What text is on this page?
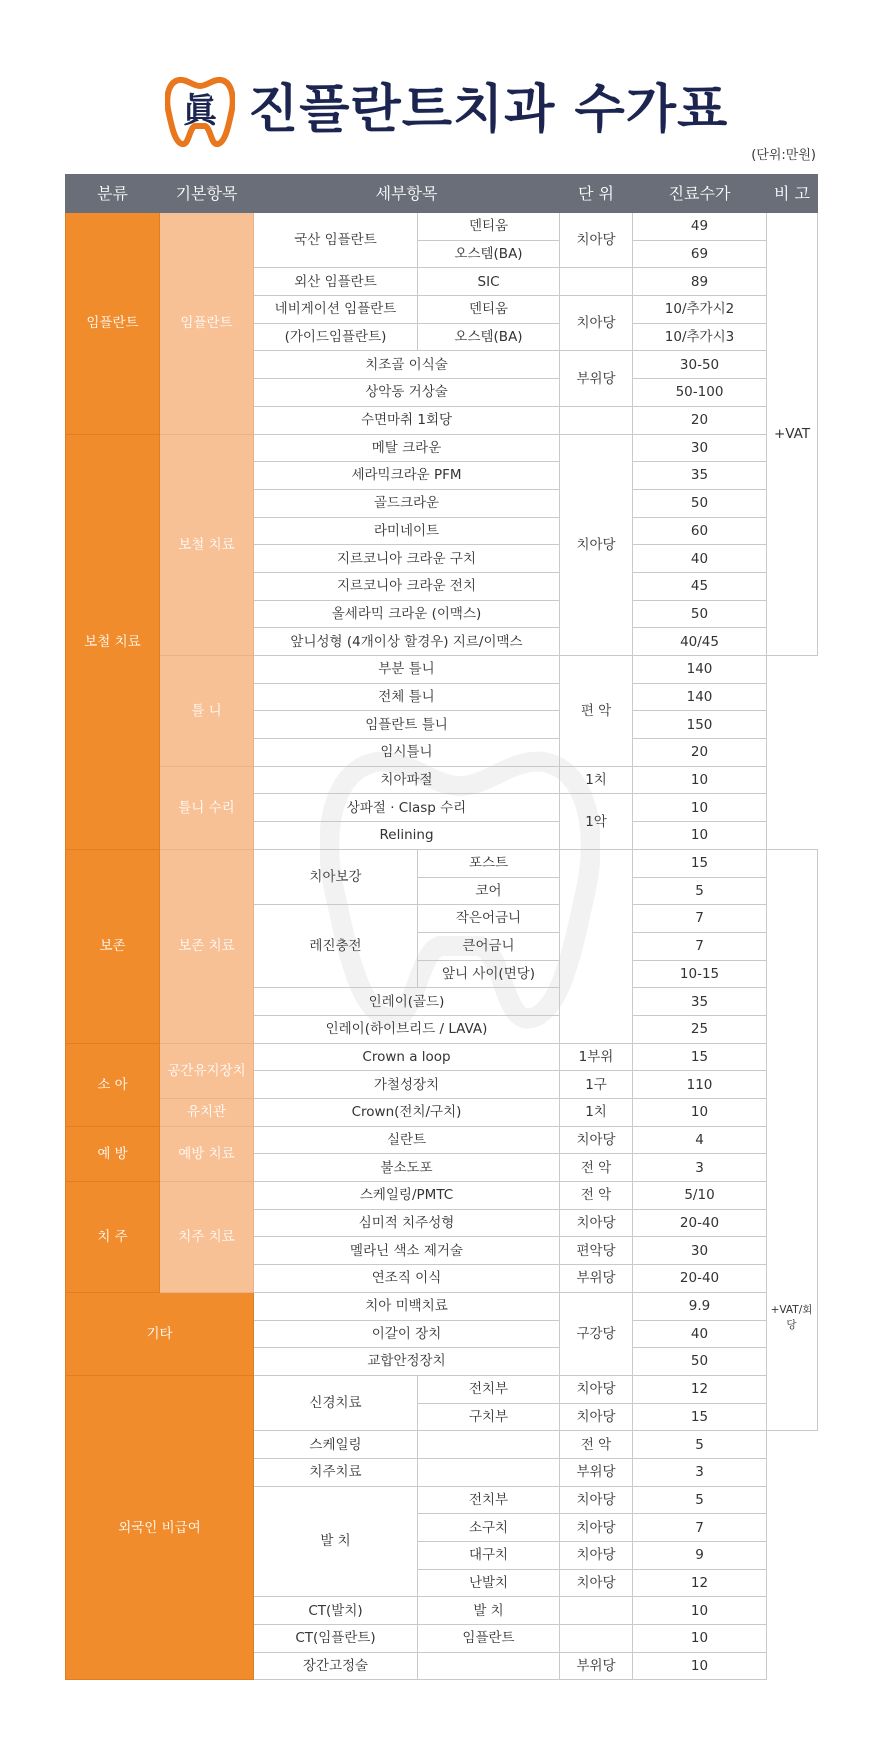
眞 진플란트치과 수가표
(단위:만원)
분류	기본항목	세부항목		단 위	진료수가	비 고
임플란트	임플란트	국산 임플란트	덴티움	치아당	49	+VAT
			오스템(BA)		69	
		외산 임플란트	SIC		89	
		네비게이션 임플란트	덴티움	치아당	10/추가시2	
		(가이드임플란트)	오스템(BA)		10/추가시3	
		치조골 이식술		부위당	30-50	
		상악동 거상술			50-100	
		수면마취 1회당			20	
보철 치료	보철 치료	메탈 크라운		치아당	30	
		세라믹크라운 PFM			35	
		골드크라운			50	
		라미네이트			60	
		지르코니아 크라운 구치			40	
		지르코니아 크라운 전치			45	
		올세라믹 크라운 (이맥스)			50	
		앞니성형 (4개이상 할경우) 지르/이맥스			40/45	
	틀 니	부분 틀니		편 악	140	
		전체 틀니			140	
		임플란트 틀니			150	
		임시틀니			20	
	틀니 수리	치아파절		1치	10	
		상파절 · Clasp 수리		1악	10	
		Relining			10	
보존	보존 치료	치아보강	포스트		15	
			코어		5	
		레진충전	작은어금니		7	
			큰어금니		7	
			앞니 사이(면당)		10-15	
		인레이(골드)			35	
		인레이(하이브리드 / LAVA)			25	
소 아	공간유지장치	Crown a loop		1부위	15	
		가철성장치		1구	110	
	유치관	Crown(전치/구치)		1치	10	
예 방	예방 치료	실란트		치아당	4	
		불소도포		전 악	3	
치 주	치주 치료	스케일링/PMTC		전 악	5/10	
		심미적 치주성형		치아당	20-40	
		멜라닌 색소 제거술		편악당	30	
		연조직 이식		부위당	20-40	
기타		치아 미백치료		구강당	9.9	
		이갈이 장치			40	
		교합안정장치			50	
외국인 비급여		신경치료	전치부	치아당	12	
			구치부	치아당	15	
		스케일링		전 악	5	
		치주치료		부위당	3	
		발 치	전치부	치아당	5	
			소구치	치아당	7	
			대구치	치아당	9	
			난발치	치아당	12	
		CT(발치)	발 치		10	
		CT(임플란트)	임플란트		10	
		장간고정술		부위당	10	
+VAT/회당
